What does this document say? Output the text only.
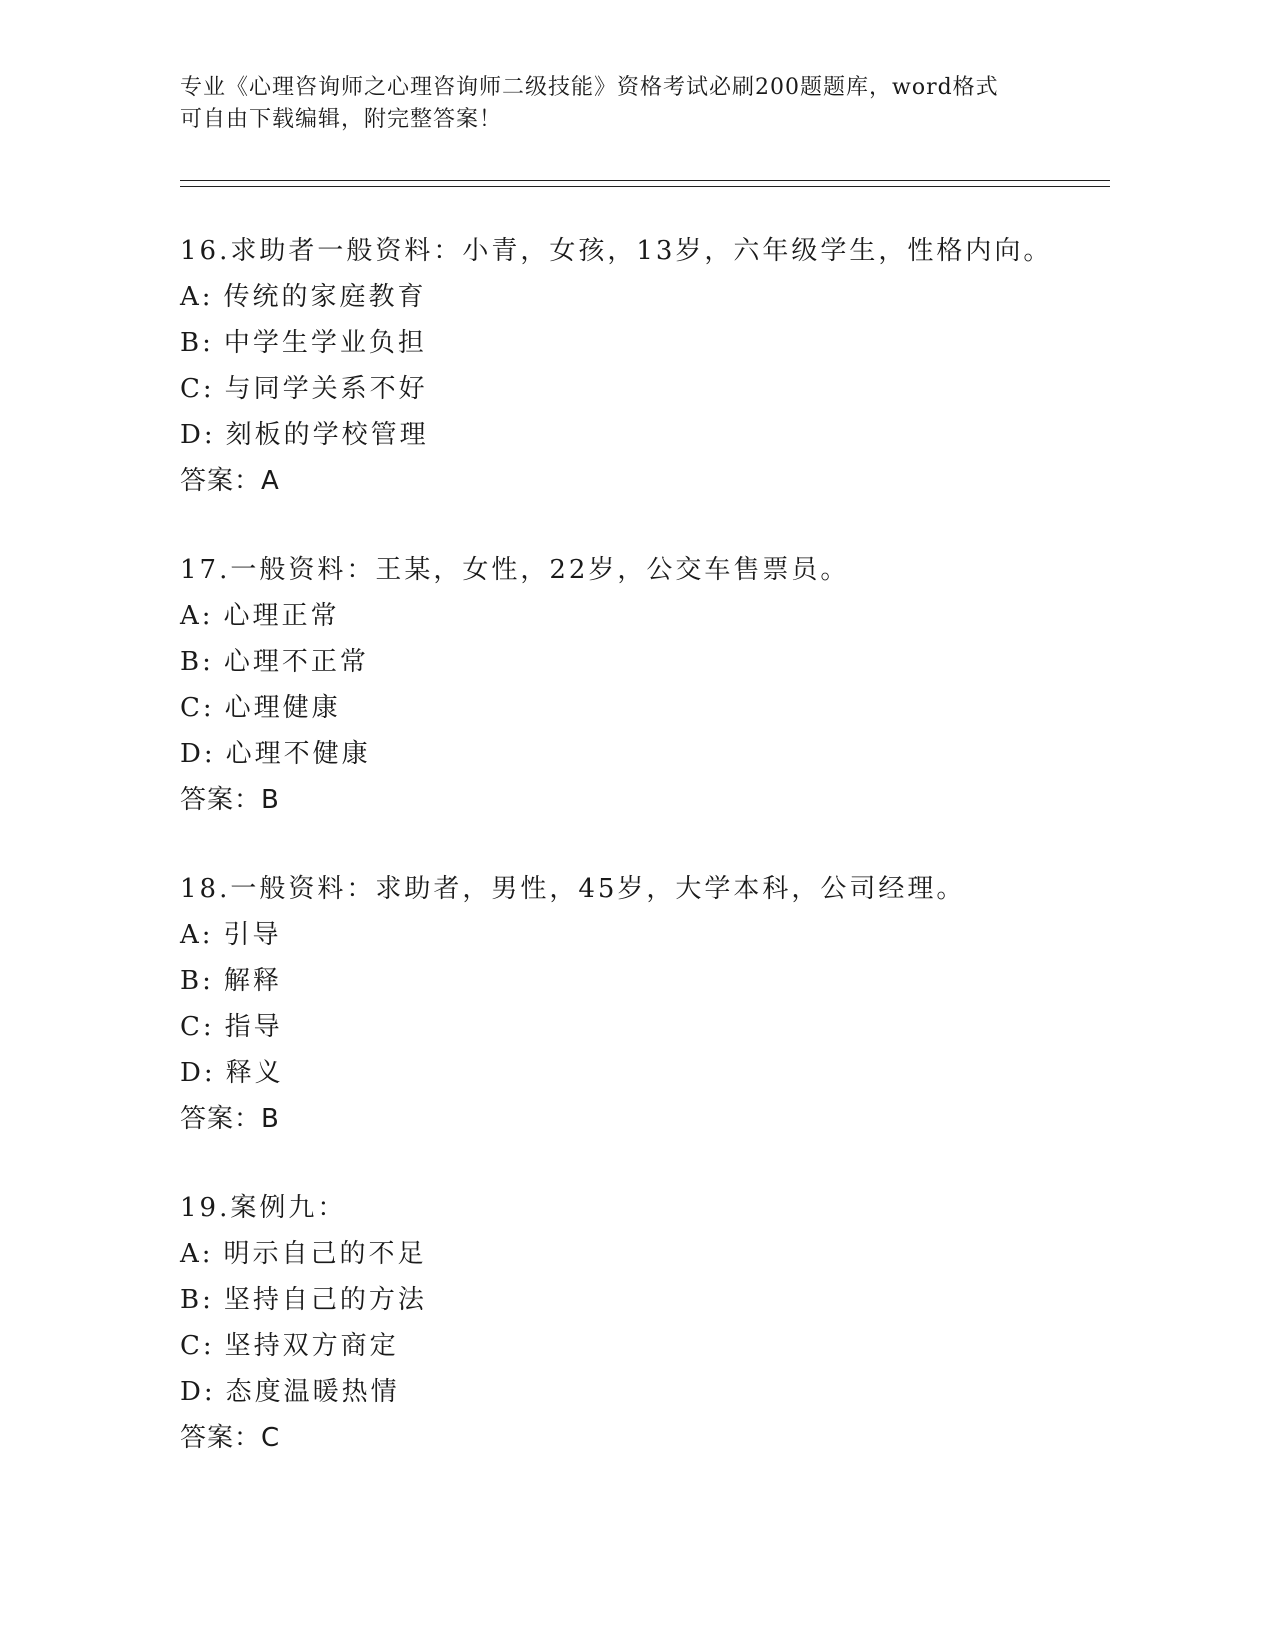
专业《心理咨询师之心理咨询师二级技能》资格考试必刷200题题库，word格式
可自由下载编辑，附完整答案！
16.求助者一般资料：小青，女孩，13岁，六年级学生，性格内向。
A: 传统的家庭教育
B: 中学生学业负担
C: 与同学关系不好
D: 刻板的学校管理
答案：A
17.一般资料：王某，女性，22岁，公交车售票员。
A: 心理正常
B: 心理不正常
C: 心理健康
D: 心理不健康
答案：B
18.一般资料：求助者，男性，45岁，大学本科，公司经理。
A: 引导
B: 解释
C: 指导
D: 释义
答案：B
19.案例九：
A: 明示自己的不足
B: 坚持自己的方法
C: 坚持双方商定
D: 态度温暖热情
答案：C
